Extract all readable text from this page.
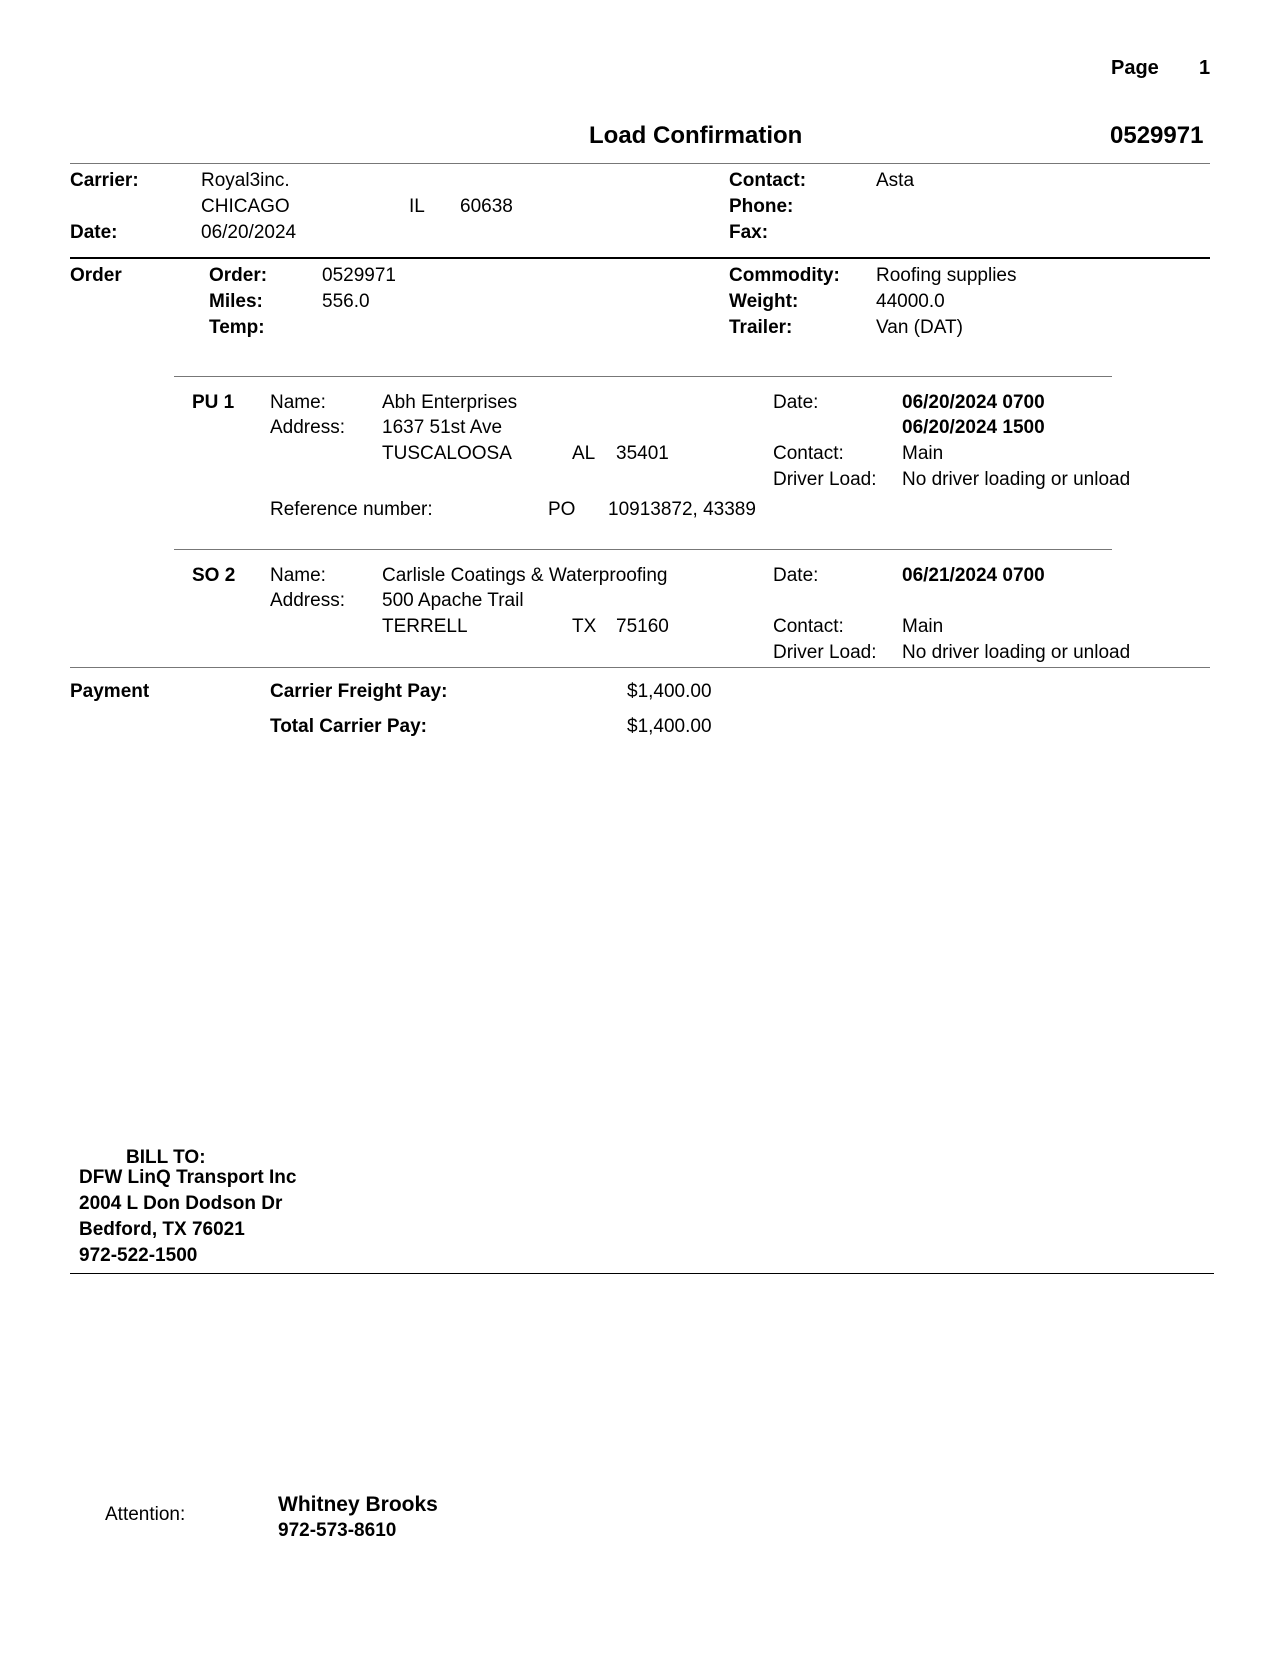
Page 1
Load Confirmation	0529971
Carrier:	Royal3inc.
CHICAGO	IL 60638
Date:	06/20/2024
Contact:	Asta
Phone:
Fax:
Order	Order:	0529971
Miles:	556.0
Temp:
Commodity: Roofing supplies
Weight:	44000.0
Trailer:	Van (DAT)
PU 1 Name:	Abh Enterprises
Address: 1637 51st Ave
TUSCALOOSA	AL 35401
Date:	06/20/2024 0700
06/20/2024 1500
Contact:	Main
Driver Load: No driver loading or unload
Reference number:	PO 10913872, 43389
SO 2 Name:	Carlisle Coatings & Waterproofing
Address: 500 Apache Trail
TERRELL	TX 75160
Date:	06/21/2024 0700
Contact:	Main
Driver Load: No driver loading or unload
Payment	Carrier Freight Pay:	$1,400.00
Total Carrier Pay:	$1,400.00
BILL TO:
DFW LinQ Transport Inc
2004 L Don Dodson Dr
Bedford, TX 76021
972-522-1500
Attention:	Whitney Brooks
972-573-8610
